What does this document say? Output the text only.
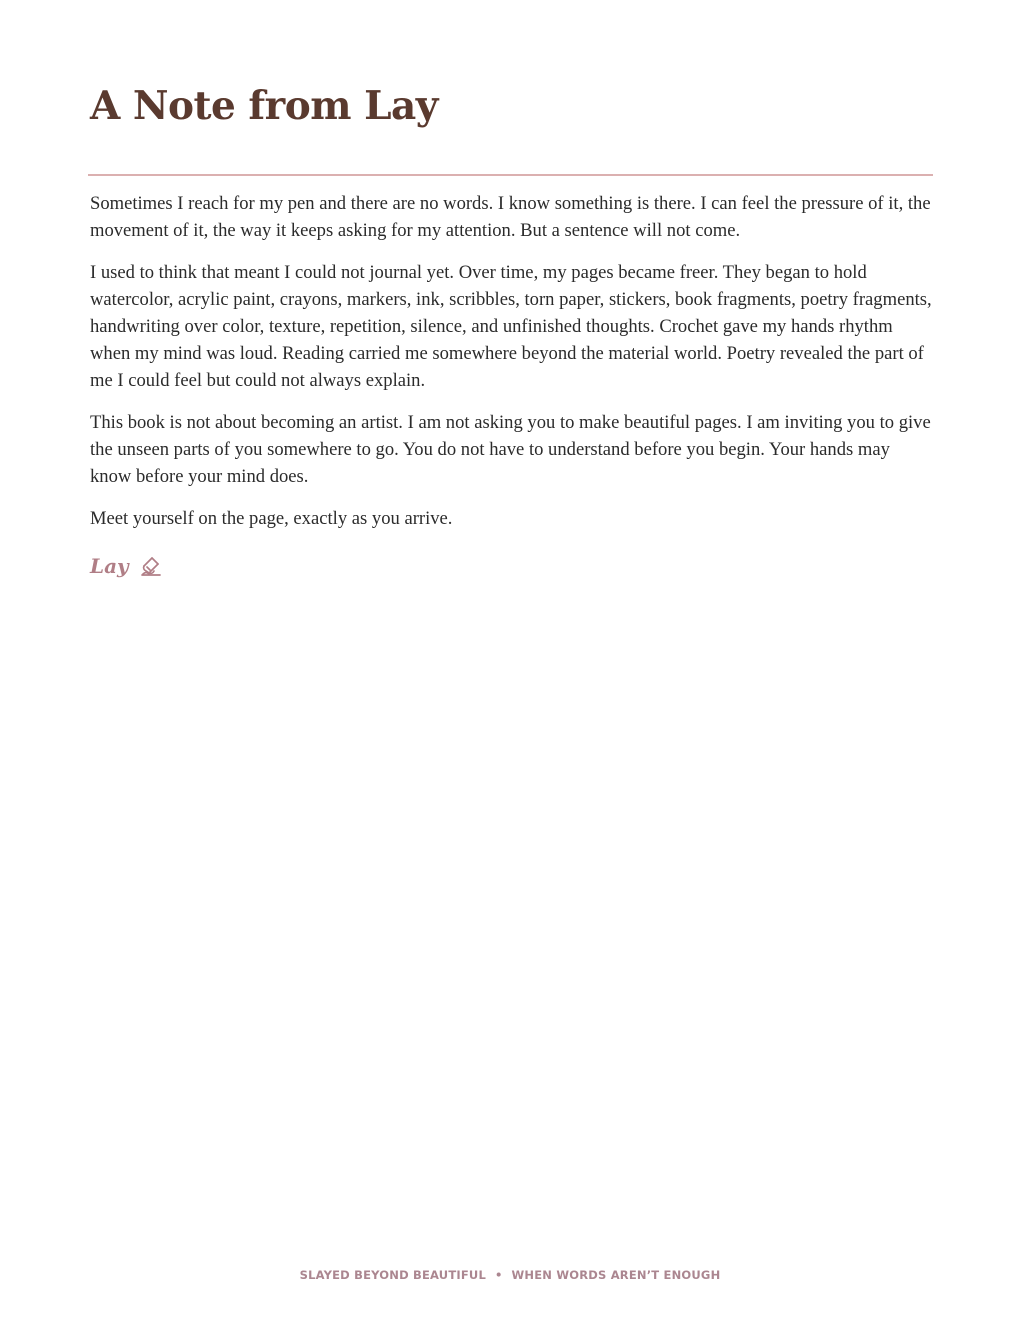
A Note from Lay

Sometimes I reach for my pen and there are no words. I know something is there. I can feel the pressure of it, the movement of it, the way it keeps asking for my attention. But a sentence will not come.

I used to think that meant I could not journal yet. Over time, my pages became freer. They began to hold watercolor, acrylic paint, crayons, markers, ink, scribbles, torn paper, stickers, book fragments, poetry fragments, handwriting over color, texture, repetition, silence, and unfinished thoughts. Crochet gave my hands rhythm when my mind was loud. Reading carried me somewhere beyond the material world. Poetry revealed the part of me I could feel but could not always explain.

This book is not about becoming an artist. I am not asking you to make beautiful pages. I am inviting you to give the unseen parts of you somewhere to go. You do not have to understand before you begin. Your hands may know before your mind does.

Meet yourself on the page, exactly as you arrive.

Lay
SLAYED BEYOND BEAUTIFUL • WHEN WORDS AREN’T ENOUGH
